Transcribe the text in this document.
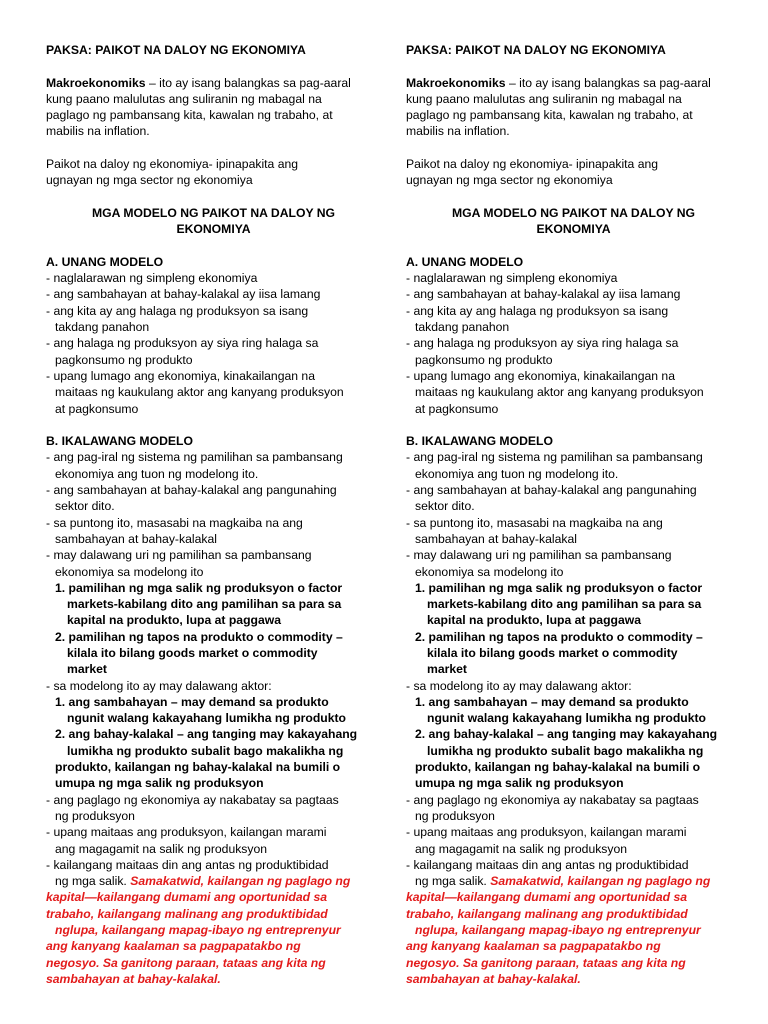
PAKSA: PAIKOT NA DALOY NG EKONOMIYA
Makroekonomiks – ito ay isang balangkas sa pag-aaral
kung paano malulutas ang suliranin ng mabagal na
paglago ng pambansang kita, kawalan ng trabaho, at
mabilis na inflation.
Paikot na daloy ng ekonomiya- ipinapakita ang
ugnayan ng mga sector ng ekonomiya
MGA MODELO NG PAIKOT NA DALOY NG
EKONOMIYA
A. UNANG MODELO
- naglalarawan ng simpleng ekonomiya
- ang sambahayan at bahay-kalakal ay iisa lamang
- ang kita ay ang halaga ng produksyon sa isang
takdang panahon
- ang halaga ng produksyon ay siya ring halaga sa
pagkonsumo ng produkto
- upang lumago ang ekonomiya, kinakailangan na
maitaas ng kaukulang aktor ang kanyang produksyon
at pagkonsumo
B. IKALAWANG MODELO
- ang pag-iral ng sistema ng pamilihan sa pambansang
ekonomiya ang tuon ng modelong ito.
- ang sambahayan at bahay-kalakal ang pangunahing
sektor dito.
- sa puntong ito, masasabi na magkaiba na ang
sambahayan at bahay-kalakal
- may dalawang uri ng pamilihan sa pambansang
ekonomiya sa modelong ito
1. pamilihan ng mga salik ng produksyon o factor
markets-kabilang dito ang pamilihan sa para sa
kapital na produkto, lupa at paggawa
2. pamilihan ng tapos na produkto o commodity –
kilala ito bilang goods market o commodity
market
- sa modelong ito ay may dalawang aktor:
1. ang sambahayan – may demand sa produkto
ngunit walang kakayahang lumikha ng produkto
2. ang bahay-kalakal – ang tanging may kakayahang
lumikha ng produkto subalit bago makalikha ng
produkto, kailangan ng bahay-kalakal na bumili o
umupa ng mga salik ng produksyon
- ang paglago ng ekonomiya ay nakabatay sa pagtaas
ng produksyon
- upang maitaas ang produksyon, kailangan marami
ang magagamit na salik ng produksyon
- kailangang maitaas din ang antas ng produktibidad
ng mga salik. Samakatwid, kailangan ng paglago ng
kapital—kailangang dumami ang oportunidad sa
trabaho, kailangang malinang ang produktibidad
nglupa, kailangang mapag-ibayo ng entreprenyur
ang kanyang kaalaman sa pagpapatakbo ng
negosyo. Sa ganitong paraan, tataas ang kita ng
sambahayan at bahay-kalakal.
PAKSA: PAIKOT NA DALOY NG EKONOMIYA
Makroekonomiks – ito ay isang balangkas sa pag-aaral
kung paano malulutas ang suliranin ng mabagal na
paglago ng pambansang kita, kawalan ng trabaho, at
mabilis na inflation.
Paikot na daloy ng ekonomiya- ipinapakita ang
ugnayan ng mga sector ng ekonomiya
MGA MODELO NG PAIKOT NA DALOY NG
EKONOMIYA
A. UNANG MODELO
- naglalarawan ng simpleng ekonomiya
- ang sambahayan at bahay-kalakal ay iisa lamang
- ang kita ay ang halaga ng produksyon sa isang
takdang panahon
- ang halaga ng produksyon ay siya ring halaga sa
pagkonsumo ng produkto
- upang lumago ang ekonomiya, kinakailangan na
maitaas ng kaukulang aktor ang kanyang produksyon
at pagkonsumo
B. IKALAWANG MODELO
- ang pag-iral ng sistema ng pamilihan sa pambansang
ekonomiya ang tuon ng modelong ito.
- ang sambahayan at bahay-kalakal ang pangunahing
sektor dito.
- sa puntong ito, masasabi na magkaiba na ang
sambahayan at bahay-kalakal
- may dalawang uri ng pamilihan sa pambansang
ekonomiya sa modelong ito
1. pamilihan ng mga salik ng produksyon o factor
markets-kabilang dito ang pamilihan sa para sa
kapital na produkto, lupa at paggawa
2. pamilihan ng tapos na produkto o commodity –
kilala ito bilang goods market o commodity
market
- sa modelong ito ay may dalawang aktor:
1. ang sambahayan – may demand sa produkto
ngunit walang kakayahang lumikha ng produkto
2. ang bahay-kalakal – ang tanging may kakayahang
lumikha ng produkto subalit bago makalikha ng
produkto, kailangan ng bahay-kalakal na bumili o
umupa ng mga salik ng produksyon
- ang paglago ng ekonomiya ay nakabatay sa pagtaas
ng produksyon
- upang maitaas ang produksyon, kailangan marami
ang magagamit na salik ng produksyon
- kailangang maitaas din ang antas ng produktibidad
ng mga salik. Samakatwid, kailangan ng paglago ng
kapital—kailangang dumami ang oportunidad sa
trabaho, kailangang malinang ang produktibidad
nglupa, kailangang mapag-ibayo ng entreprenyur
ang kanyang kaalaman sa pagpapatakbo ng
negosyo. Sa ganitong paraan, tataas ang kita ng
sambahayan at bahay-kalakal.
